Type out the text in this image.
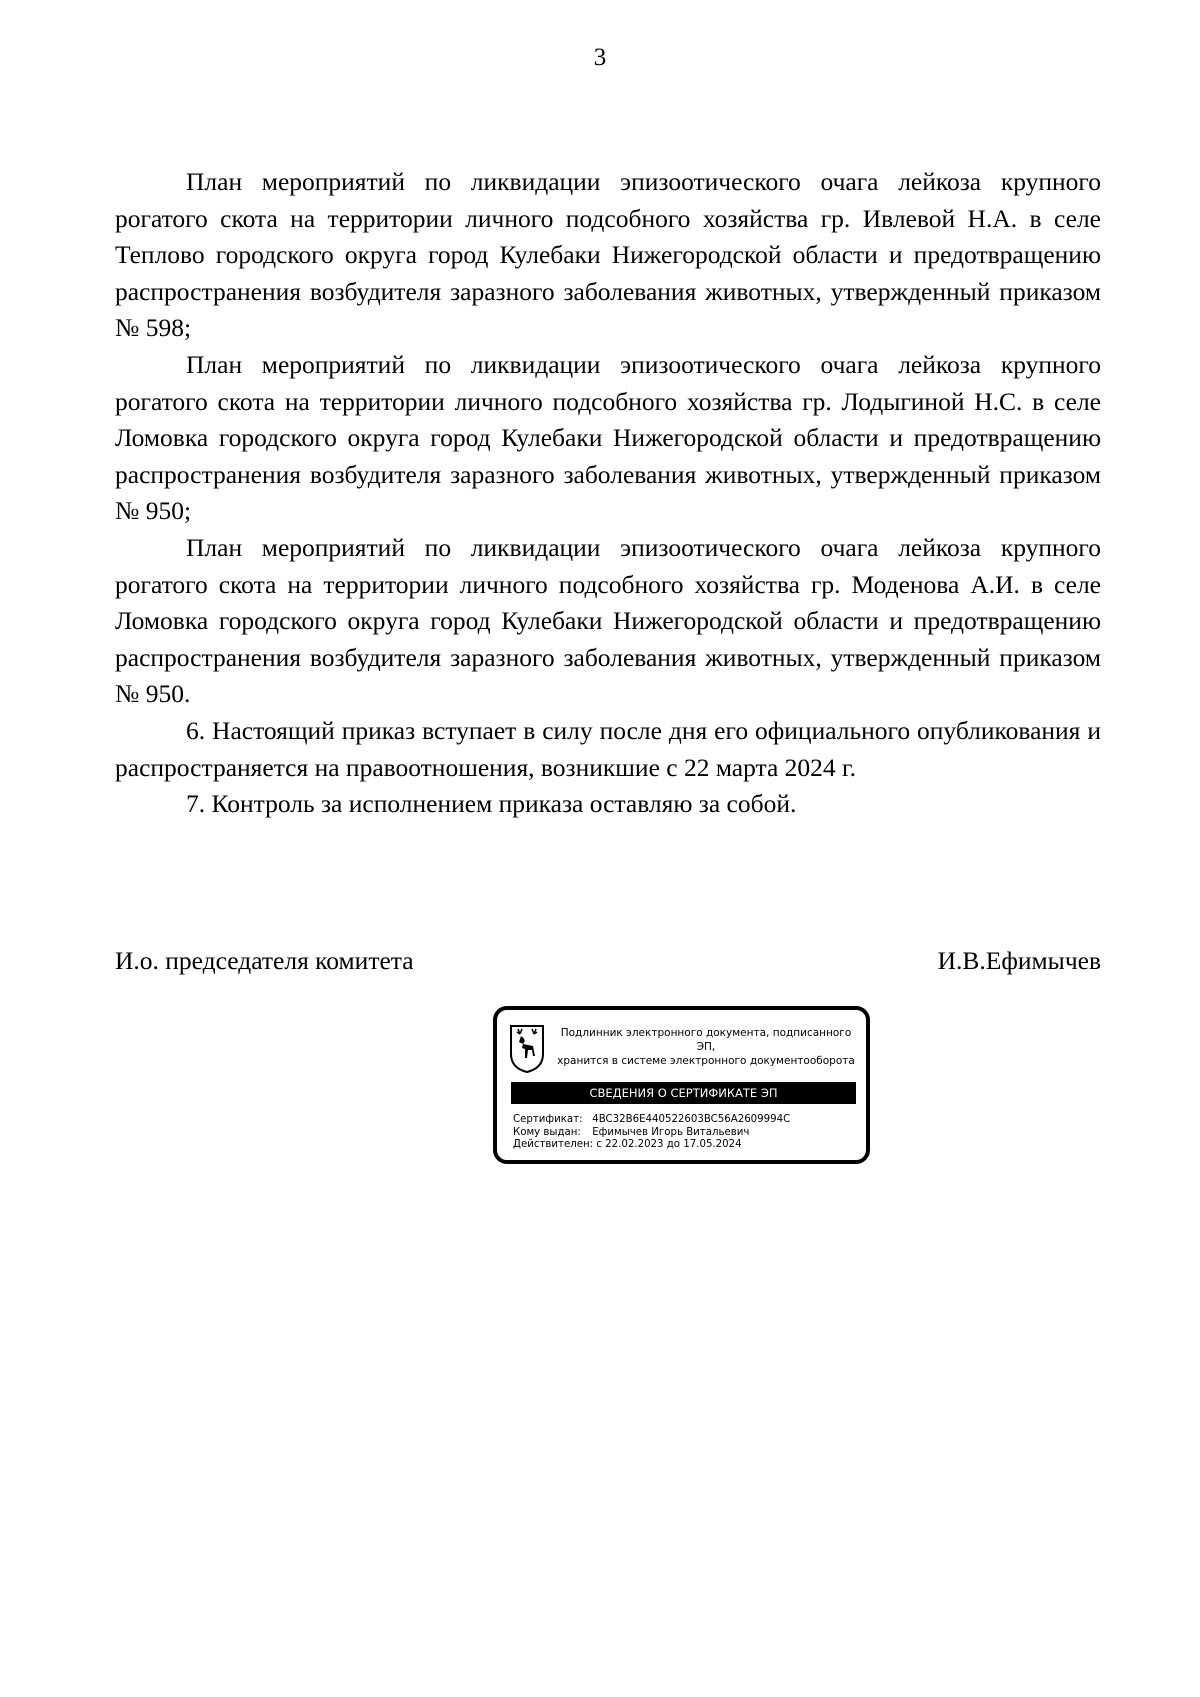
3

План мероприятий по ликвидации эпизоотического очага лейкоза крупного рогатого скота на территории личного подсобного хозяйства гр. Ивлевой Н.А. в селе Теплово городского округа город Кулебаки Нижегородской области и предотвращению распространения возбудителя заразного заболевания животных, утвержденный приказом № 598;

План мероприятий по ликвидации эпизоотического очага лейкоза крупного рогатого скота на территории личного подсобного хозяйства гр. Лодыгиной Н.С. в селе Ломовка городского округа город Кулебаки Нижегородской области и предотвращению распространения возбудителя заразного заболевания животных, утвержденный приказом № 950;

План мероприятий по ликвидации эпизоотического очага лейкоза крупного рогатого скота на территории личного подсобного хозяйства гр. Моденова А.И. в селе Ломовка городского округа город Кулебаки Нижегородской области и предотвращению распространения возбудителя заразного заболевания животных, утвержденный приказом № 950.

6. Настоящий приказ вступает в силу после дня его официального опубликования и распространяется на правоотношения, возникшие с 22 марта 2024 г.

7. Контроль за исполнением приказа оставляю за собой.

И.о. председателя комитета	И.В.Ефимычев
Подлинник электронного документа, подписанного ЭП,
хранится в системе электронного документооборота
СВЕДЕНИЯ О СЕРТИФИКАТЕ ЭП
Сертификат: 4BC32B6E440522603BC56A2609994C
Кому выдан: Ефимычев Игорь Витальевич
Действителен: с 22.02.2023 до 17.05.2024
